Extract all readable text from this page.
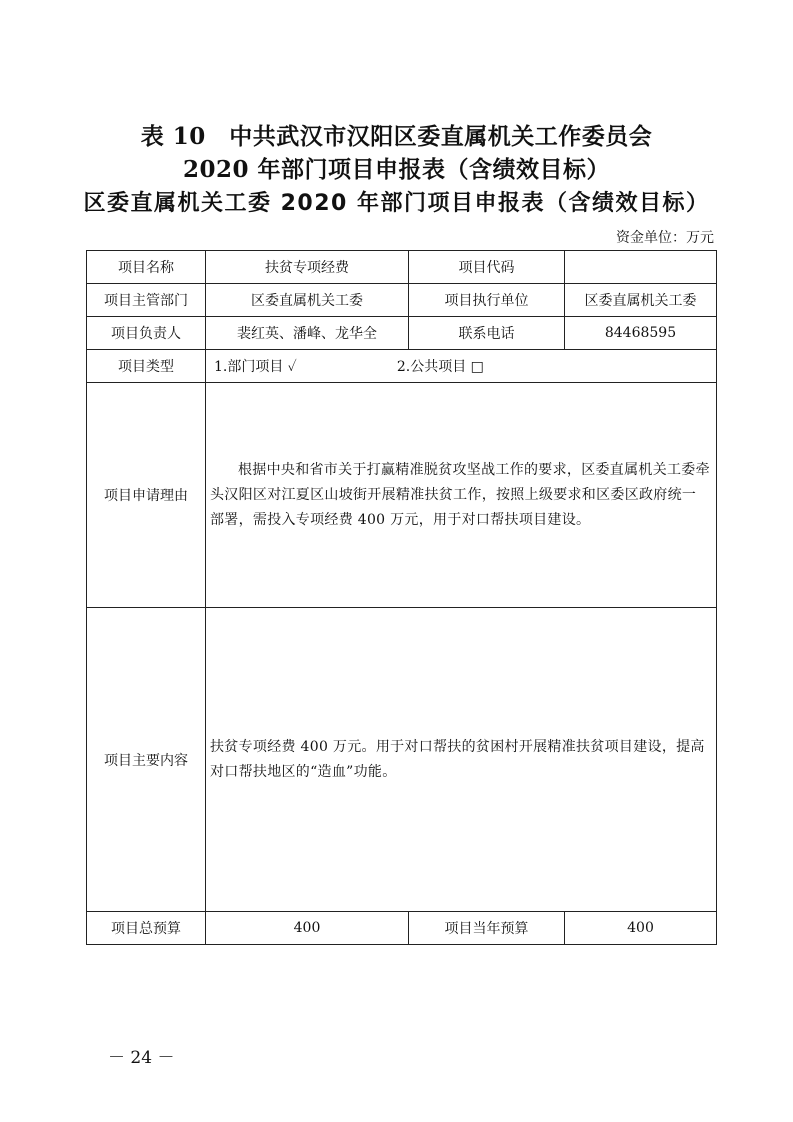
表 10　中共武汉市汉阳区委直属机关工作委员会
2020 年部门项目申报表（含绩效目标）
区委直属机关工委 2020 年部门项目申报表（含绩效目标）
资金单位：万元
项目名称	扶贫专项经费	项目代码	
项目主管部门	区委直属机关工委	项目执行单位	区委直属机关工委
项目负责人	裴红英、潘峰、龙华全	联系电话	84468595
项目类型	1.部门项目 ✓ 2.公共项目 □		
项目申请理由	根据中央和省市关于打赢精准脱贫攻坚战工作的要求，区委直属机关工委牵头汉阳区对江夏区山坡街开展精准扶贫工作，按照上级要求和区委区政府统一部署，需投入专项经费 400 万元，用于对口帮扶项目建设。		

项目主要内容	扶贫专项经费 400 万元。用于对口帮扶的贫困村开展精准扶贫项目建设，提高对口帮扶地区的“造血”功能。		

项目总预算	400	项目当年预算	400
－ 24 －
